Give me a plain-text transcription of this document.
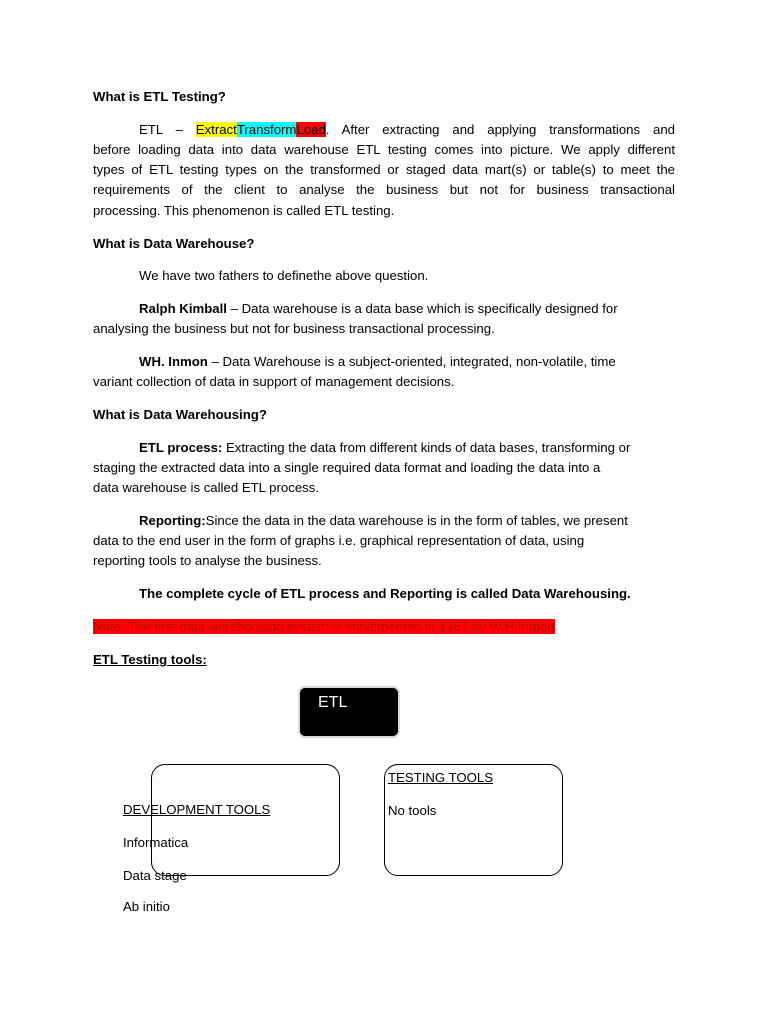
What is ETL Testing?
ETL – ExtractTransformLoad. After extracting and applying transformations and
before loading data into data warehouse ETL testing comes into picture. We apply different
types of ETL testing types on the transformed or staged data mart(s) or table(s) to meet the
requirements of the client to analyse the business but not for business transactional
processing. This phenomenon is called ETL testing.
What is Data Warehouse?
We have two fathers to definethe above question.
Ralph Kimball – Data warehouse is a data base which is specifically designed for
analysing the business but not for business transactional processing.
WH. Inmon – Data Warehouse is a subject-oriented, integrated, non-volatile, time
variant collection of data in support of management decisions.
What is Data Warehousing?
ETL process: Extracting the data from different kinds of data bases, transforming or
staging the extracted data into a single required data format and loading the data into a
data warehouse is called ETL process.
Reporting:Since the data in the data warehouse is in the form of tables, we present
data to the end user in the form of graphs i.e. graphical representation of data, using
reporting tools to analyse the business.
The complete cycle of ETL process and Reporting is called Data Warehousing.
Note: The first data warehousing system is implemented in 1987 by W.H.Inmon
ETL Testing tools:
ETL
DEVELOPMENT TOOLS
Informatica
Data stage
Ab initio
TESTING TOOLS
No tools
